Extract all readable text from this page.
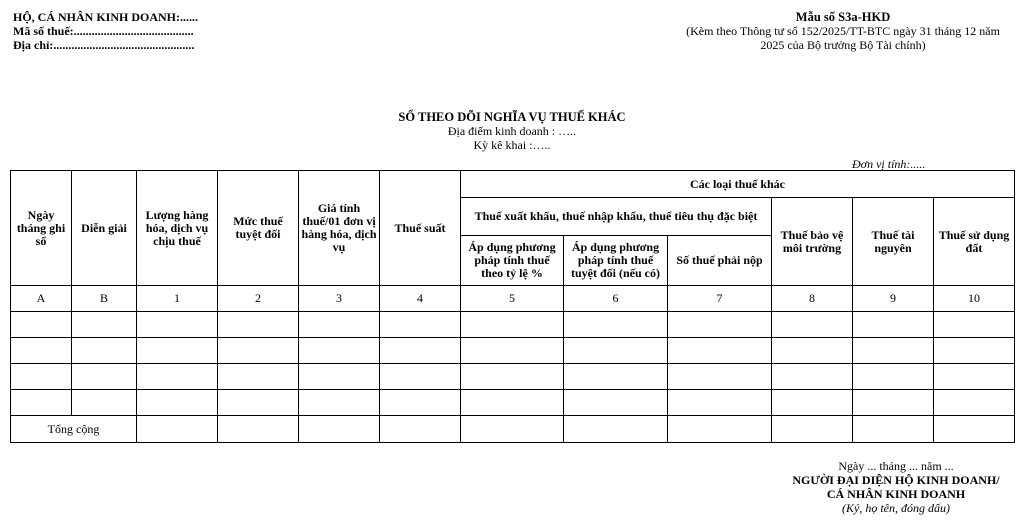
HỘ, CÁ NHÂN KINH DOANH:......
Mã số thuế:........................................
Địa chỉ:...............................................
Mẫu số S3a-HKD
(Kèm theo Thông tư số 152/2025/TT-BTC ngày 31 tháng 12 năm
2025 của Bộ trưởng Bộ Tài chính)
SỔ THEO DÕI NGHĨA VỤ THUẾ KHÁC
Địa điểm kinh doanh : …..
Kỳ kê khai :…..
Đơn vị tính:.....
Ngày tháng ghi sổ	Diễn giải	Lượng hàng hóa, dịch vụ chịu thuế	Mức thuế tuyệt đối	Giá tính thuế/01 đơn vị hàng hóa, dịch vụ	Thuế suất	Các loại thuế khác					
						Thuế xuất khẩu, thuế nhập khẩu, thuế tiêu thụ đặc biệt			Thuế bảo vệ môi trường	Thuế tài nguyên	Thuế sử dụng đất
						Áp dụng phương pháp tính thuế theo tỷ lệ %	Áp dụng phương pháp tính thuế tuyệt đối (nếu có)	Số thuế phải nộp			
A	B	1	2	3	4	5	6	7	8	9	10

Tổng cộng											
Ngày ... tháng ... năm ...
NGƯỜI ĐẠI DIỆN HỘ KINH DOANH/
CÁ NHÂN KINH DOANH
(Ký, họ tên, đóng dấu)
